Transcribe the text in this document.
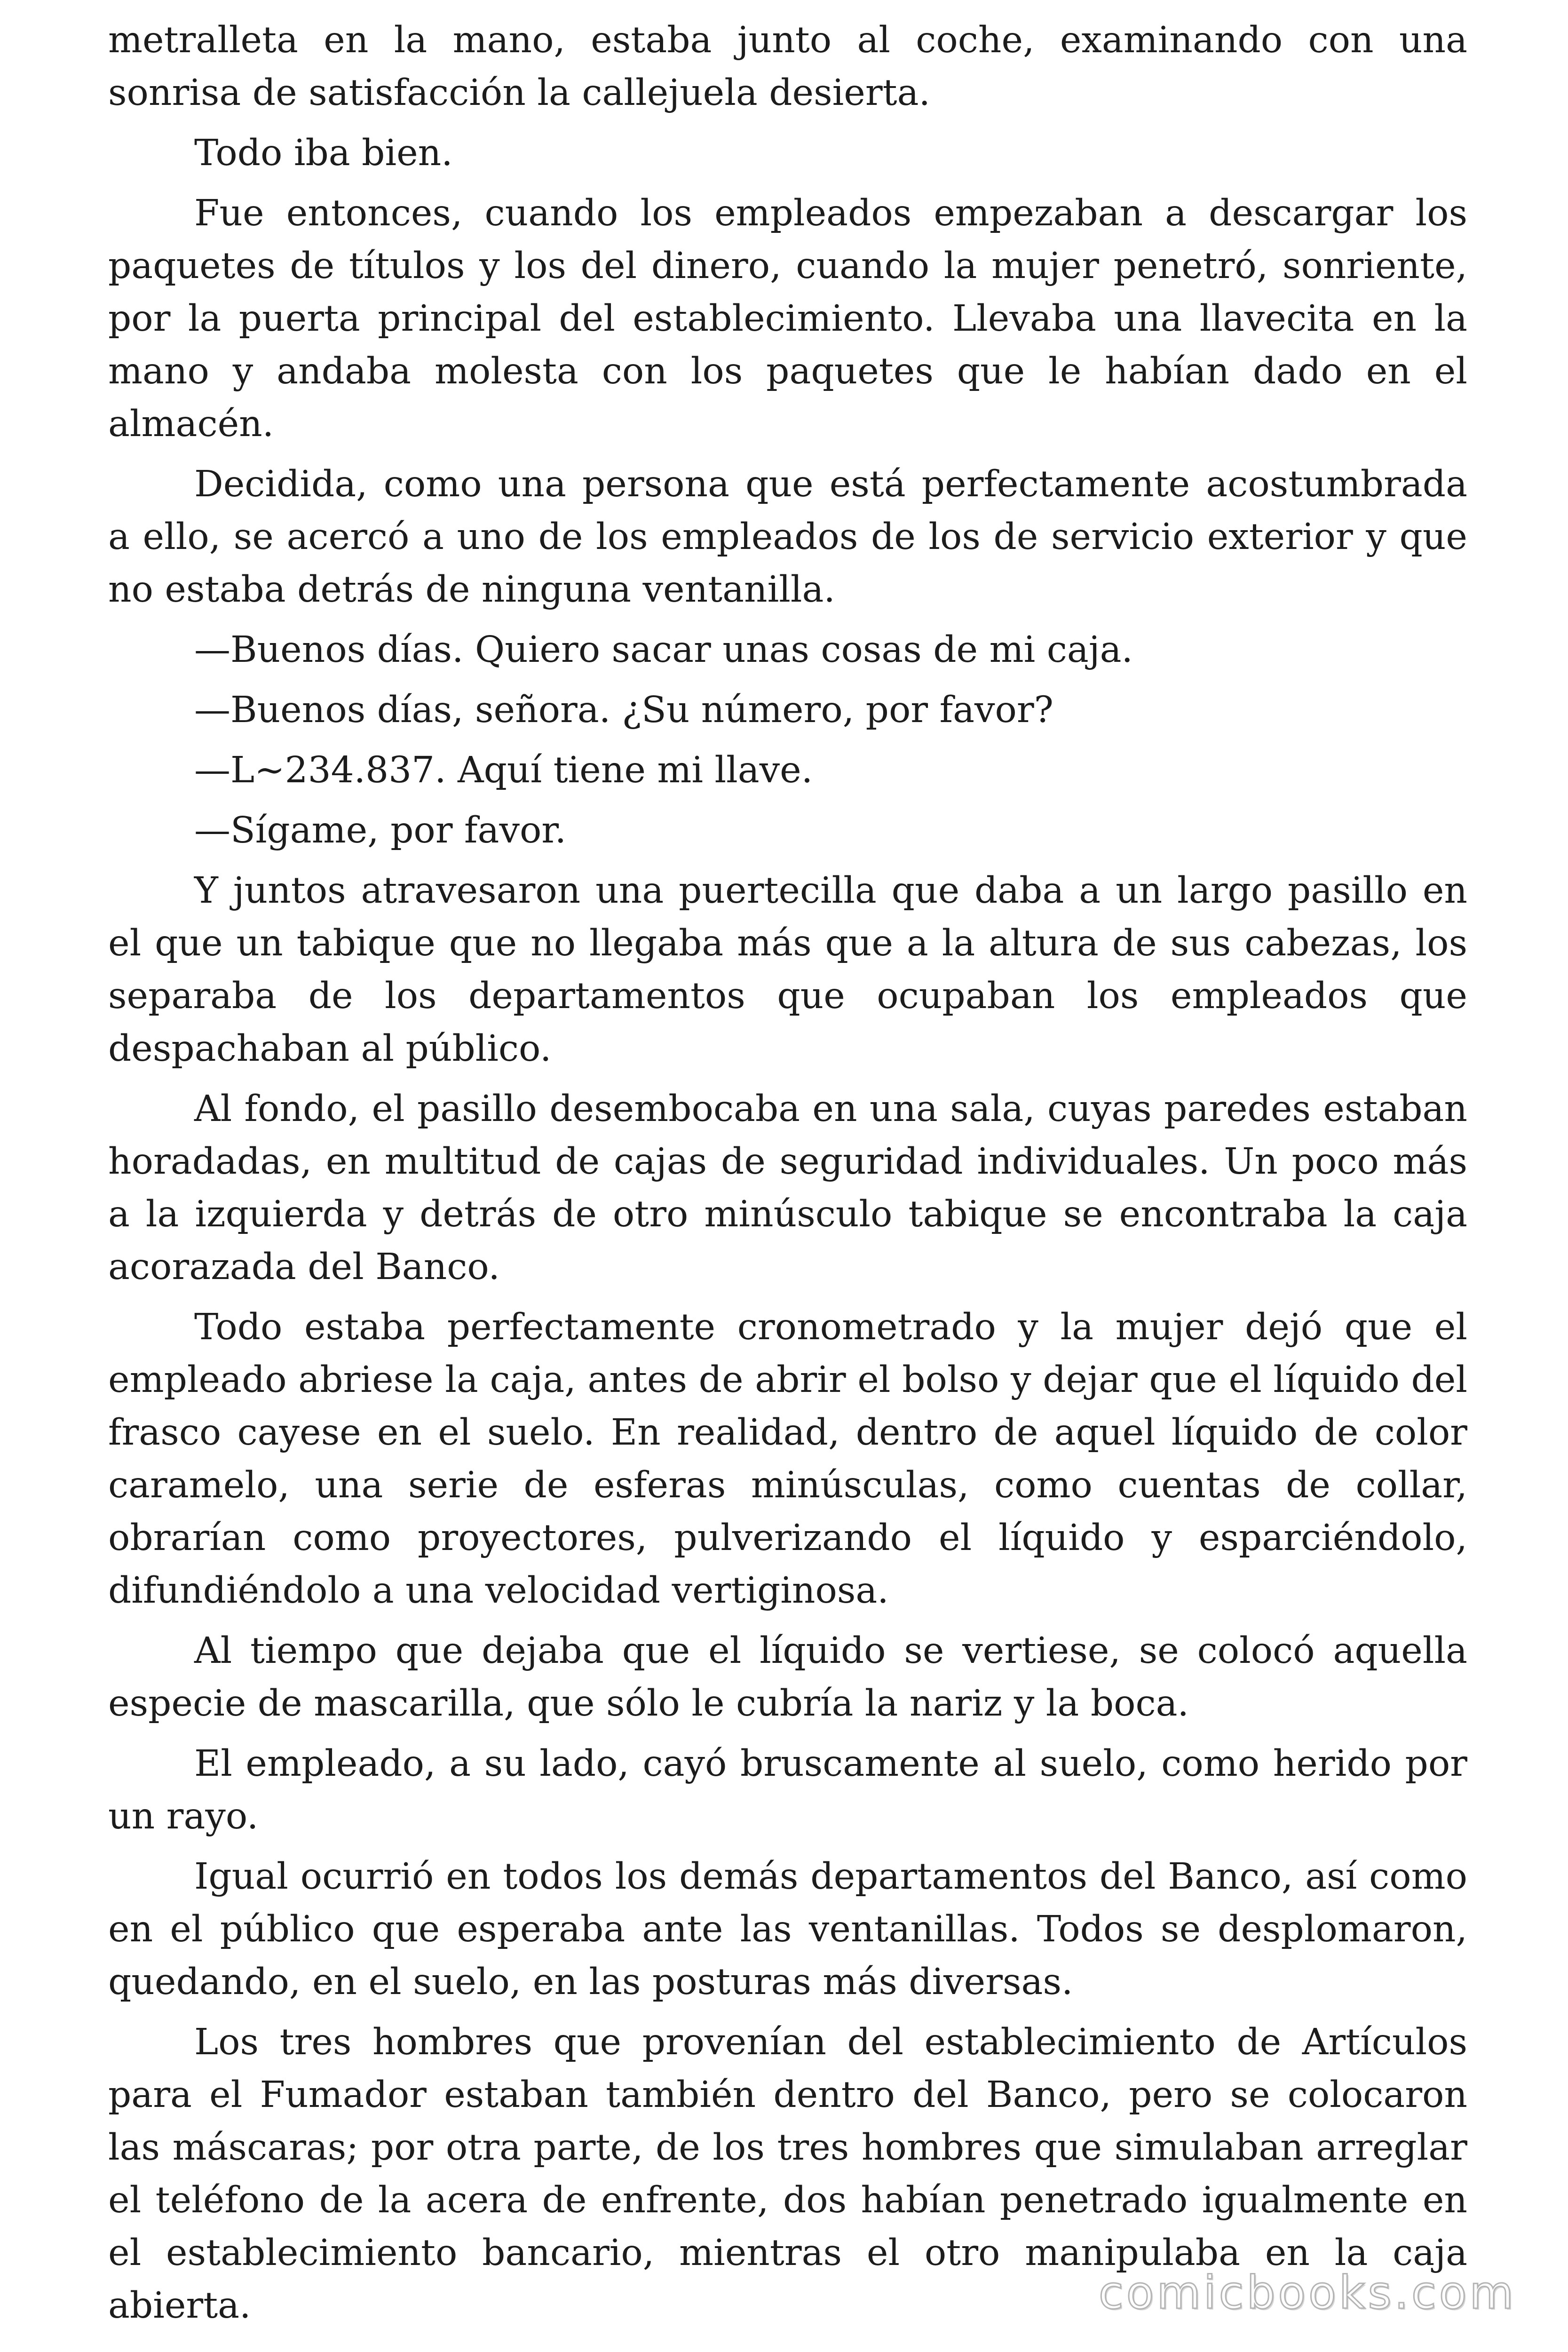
metralleta en la mano, estaba junto al coche, examinando con una sonrisa de satisfacción la callejuela desierta.

Todo iba bien.

Fue entonces, cuando los empleados empezaban a descargar los paquetes de títulos y los del dinero, cuando la mujer penetró, sonriente, por la puerta principal del establecimiento. Llevaba una llavecita en la mano y andaba molesta con los paquetes que le habían dado en el almacén.

Decidida, como una persona que está perfectamente acostumbrada a ello, se acercó a uno de los empleados de los de servicio exterior y que no estaba detrás de ninguna ventanilla.

—Buenos días. Quiero sacar unas cosas de mi caja.

—Buenos días, señora. ¿Su número, por favor?

—L~234.837. Aquí tiene mi llave.

—Sígame, por favor.

Y juntos atravesaron una puertecilla que daba a un largo pasillo en el que un tabique que no llegaba más que a la altura de sus cabezas, los separaba de los departamentos que ocupaban los empleados que despachaban al público.

Al fondo, el pasillo desembocaba en una sala, cuyas paredes estaban horadadas, en multitud de cajas de seguridad individuales. Un poco más a la izquierda y detrás de otro minúsculo tabique se encontraba la caja acorazada del Banco.

Todo estaba perfectamente cronometrado y la mujer dejó que el empleado abriese la caja, antes de abrir el bolso y dejar que el líquido del frasco cayese en el suelo. En realidad, dentro de aquel líquido de color caramelo, una serie de esferas minúsculas, como cuentas de collar, obrarían como proyectores, pulverizando el líquido y esparciéndolo, difundiéndolo a una velocidad vertiginosa.

Al tiempo que dejaba que el líquido se vertiese, se colocó aquella especie de mascarilla, que sólo le cubría la nariz y la boca.

El empleado, a su lado, cayó bruscamente al suelo, como herido por un rayo.

Igual ocurrió en todos los demás departamentos del Banco, así como en el público que esperaba ante las ventanillas. Todos se desplomaron, quedando, en el suelo, en las posturas más diversas.

Los tres hombres que provenían del establecimiento de Artículos para el Fumador estaban también dentro del Banco, pero se colocaron las máscaras; por otra parte, de los tres hombres que simulaban arreglar el teléfono de la acera de enfrente, dos habían penetrado igualmente en el establecimiento bancario, mientras el otro manipulaba en la caja abierta.	comicbooks.com
